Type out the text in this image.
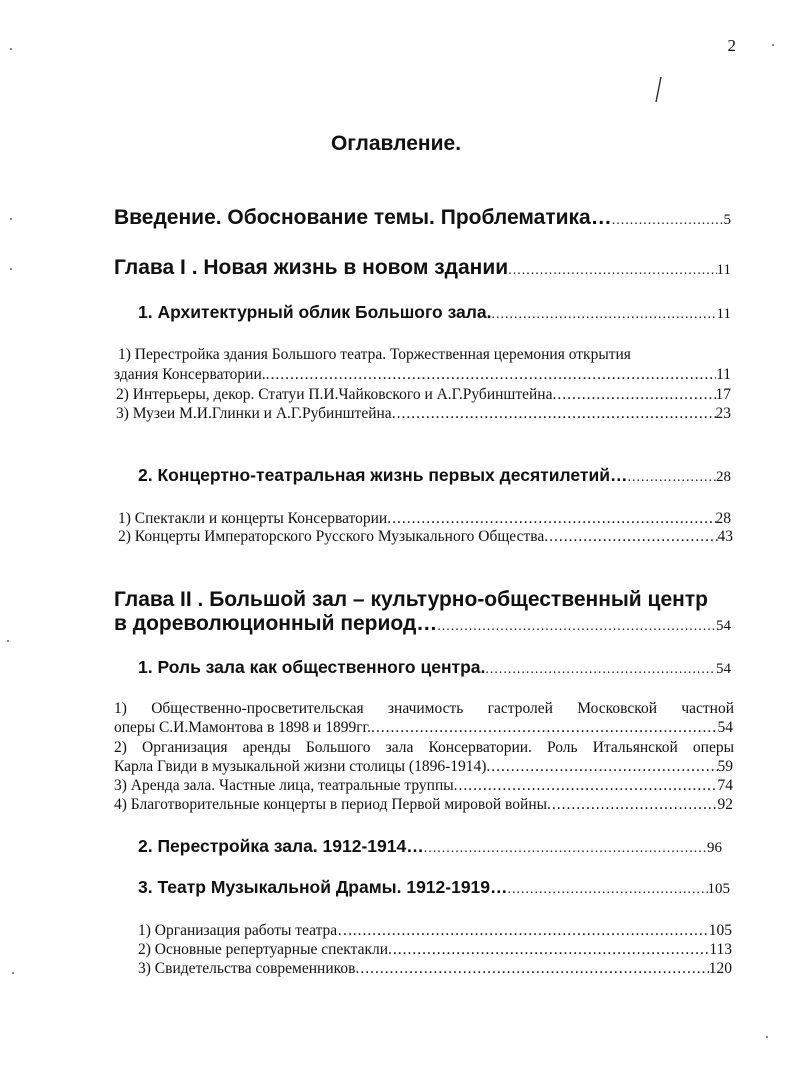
2
Оглавление.
Введение. Обоснование темы. Проблематика… .....	5
Глава I . Новая жизнь в новом здании .....	11
1. Архитектурный облик Большого зала. .....	11
1) Перестройка здания Большого театра. Торжественная церемония открытия
здания Консерватории. .....	11
2) Интерьеры, декор. Статуи П.И.Чайковского и А.Г.Рубинштейна .....	17
3) Музеи М.И.Глинки и А.Г.Рубинштейна .....	23
2. Концертно-театральная жизнь первых десятилетий… .....	28
1) Спектакли и концерты Консерватории .....	28
2) Концерты Императорского Русского Музыкального Общества .....	43
Глава II . Большой зал – культурно-общественный центр
в дореволюционный период… .....	54
1. Роль зала как общественного центра. .....	54
1) Общественно-просветительская значимость гастролей Московской частной
оперы С.И.Мамонтова в 1898 и 1899гг. .....	54
2) Организация аренды Большого зала Консерватории. Роль Итальянской оперы
Карла Гвиди в музыкальной жизни столицы (1896-1914) .....	59
3) Аренда зала. Частные лица, театральные труппы .....	74
4) Благотворительные концерты в период Первой мировой войны .....	92
2. Перестройка зала. 1912-1914… .....	96
3. Театр Музыкальной Драмы. 1912-1919… .....	105
1) Организация работы театра… .....	105
2) Основные репертуарные спектакли .....	113
3) Свидетельства современников .....	120
